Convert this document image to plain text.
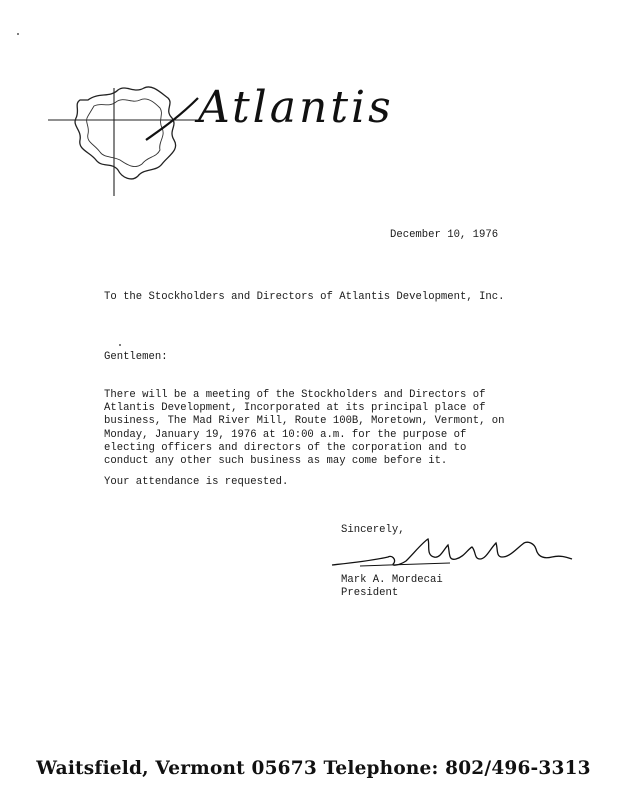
Atlantis
December 10, 1976
To the Stockholders and Directors of Atlantis Development, Inc.
Gentlemen:
There will be a meeting of the Stockholders and Directors of
Atlantis Development, Incorporated at its principal place of
business, The Mad River Mill, Route 100B, Moretown, Vermont, on
Monday, January 19, 1976 at 10:00 a.m. for the purpose of
electing officers and directors of the corporation and to
conduct any other such business as may come before it.
Your attendance is requested.
Sincerely,
Mark A. Mordecai
President
Waitsfield, Vermont 05673 Telephone: 802/496-3313
